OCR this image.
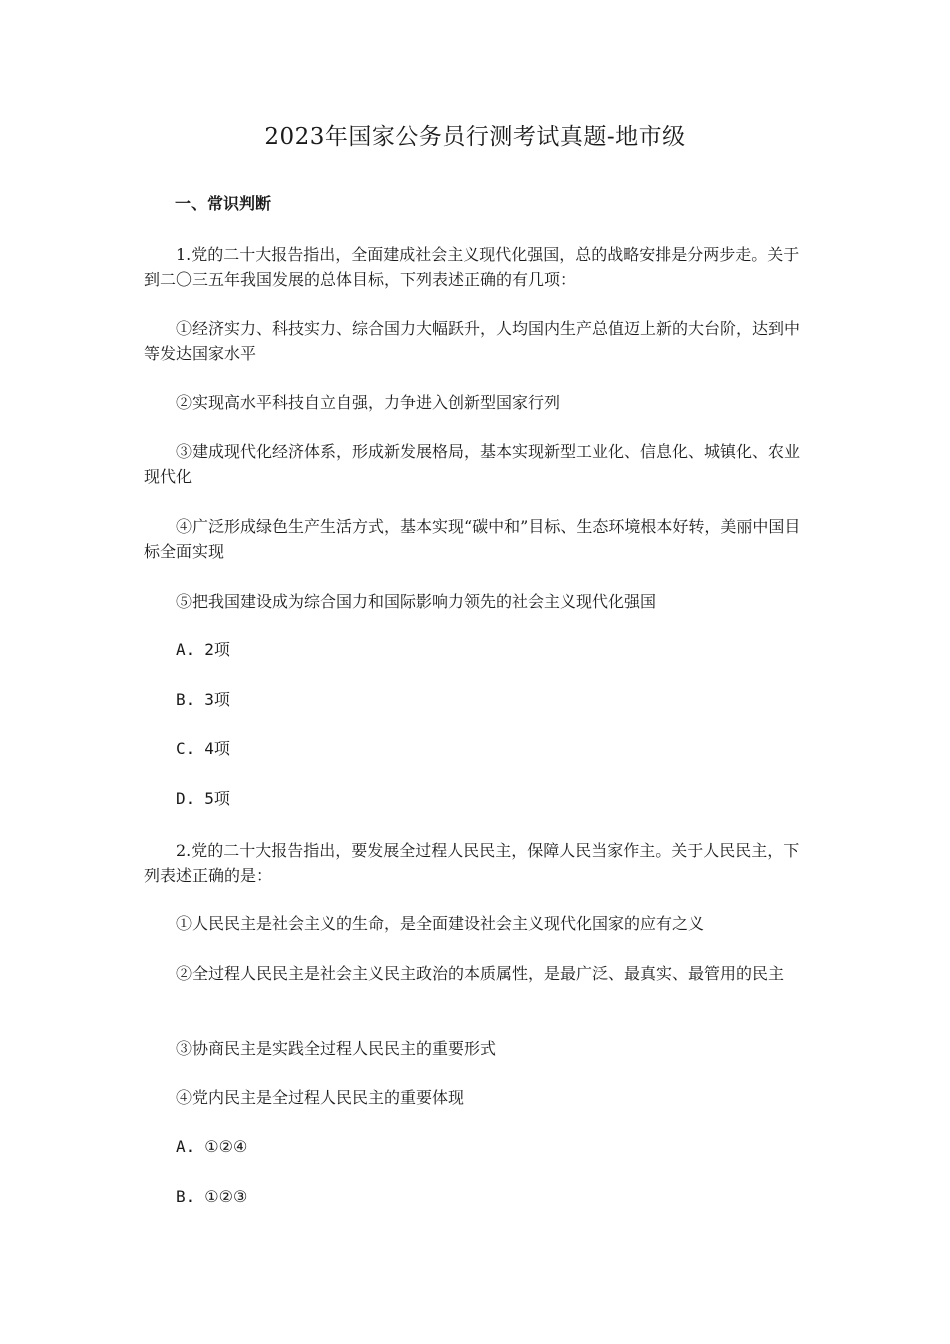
2023年国家公务员行测考试真题-地市级
一、常识判断
1.党的二十大报告指出，全面建成社会主义现代化强国，总的战略安排是分两步走。关于到二〇三五年我国发展的总体目标，下列表述正确的有几项：
①经济实力、科技实力、综合国力大幅跃升，人均国内生产总值迈上新的大台阶，达到中等发达国家水平
②实现高水平科技自立自强，力争进入创新型国家行列
③建成现代化经济体系，形成新发展格局，基本实现新型工业化、信息化、城镇化、农业现代化
④广泛形成绿色生产生活方式，基本实现“碳中和”目标、生态环境根本好转，美丽中国目标全面实现
⑤把我国建设成为综合国力和国际影响力领先的社会主义现代化强国
A. 2项
B. 3项
C. 4项
D. 5项
2.党的二十大报告指出，要发展全过程人民民主，保障人民当家作主。关于人民民主，下列表述正确的是：
①人民民主是社会主义的生命，是全面建设社会主义现代化国家的应有之义
②全过程人民民主是社会主义民主政治的本质属性，是最广泛、最真实、最管用的民主
③协商民主是实践全过程人民民主的重要形式
④党内民主是全过程人民民主的重要体现
A. ①②④
B. ①②③
